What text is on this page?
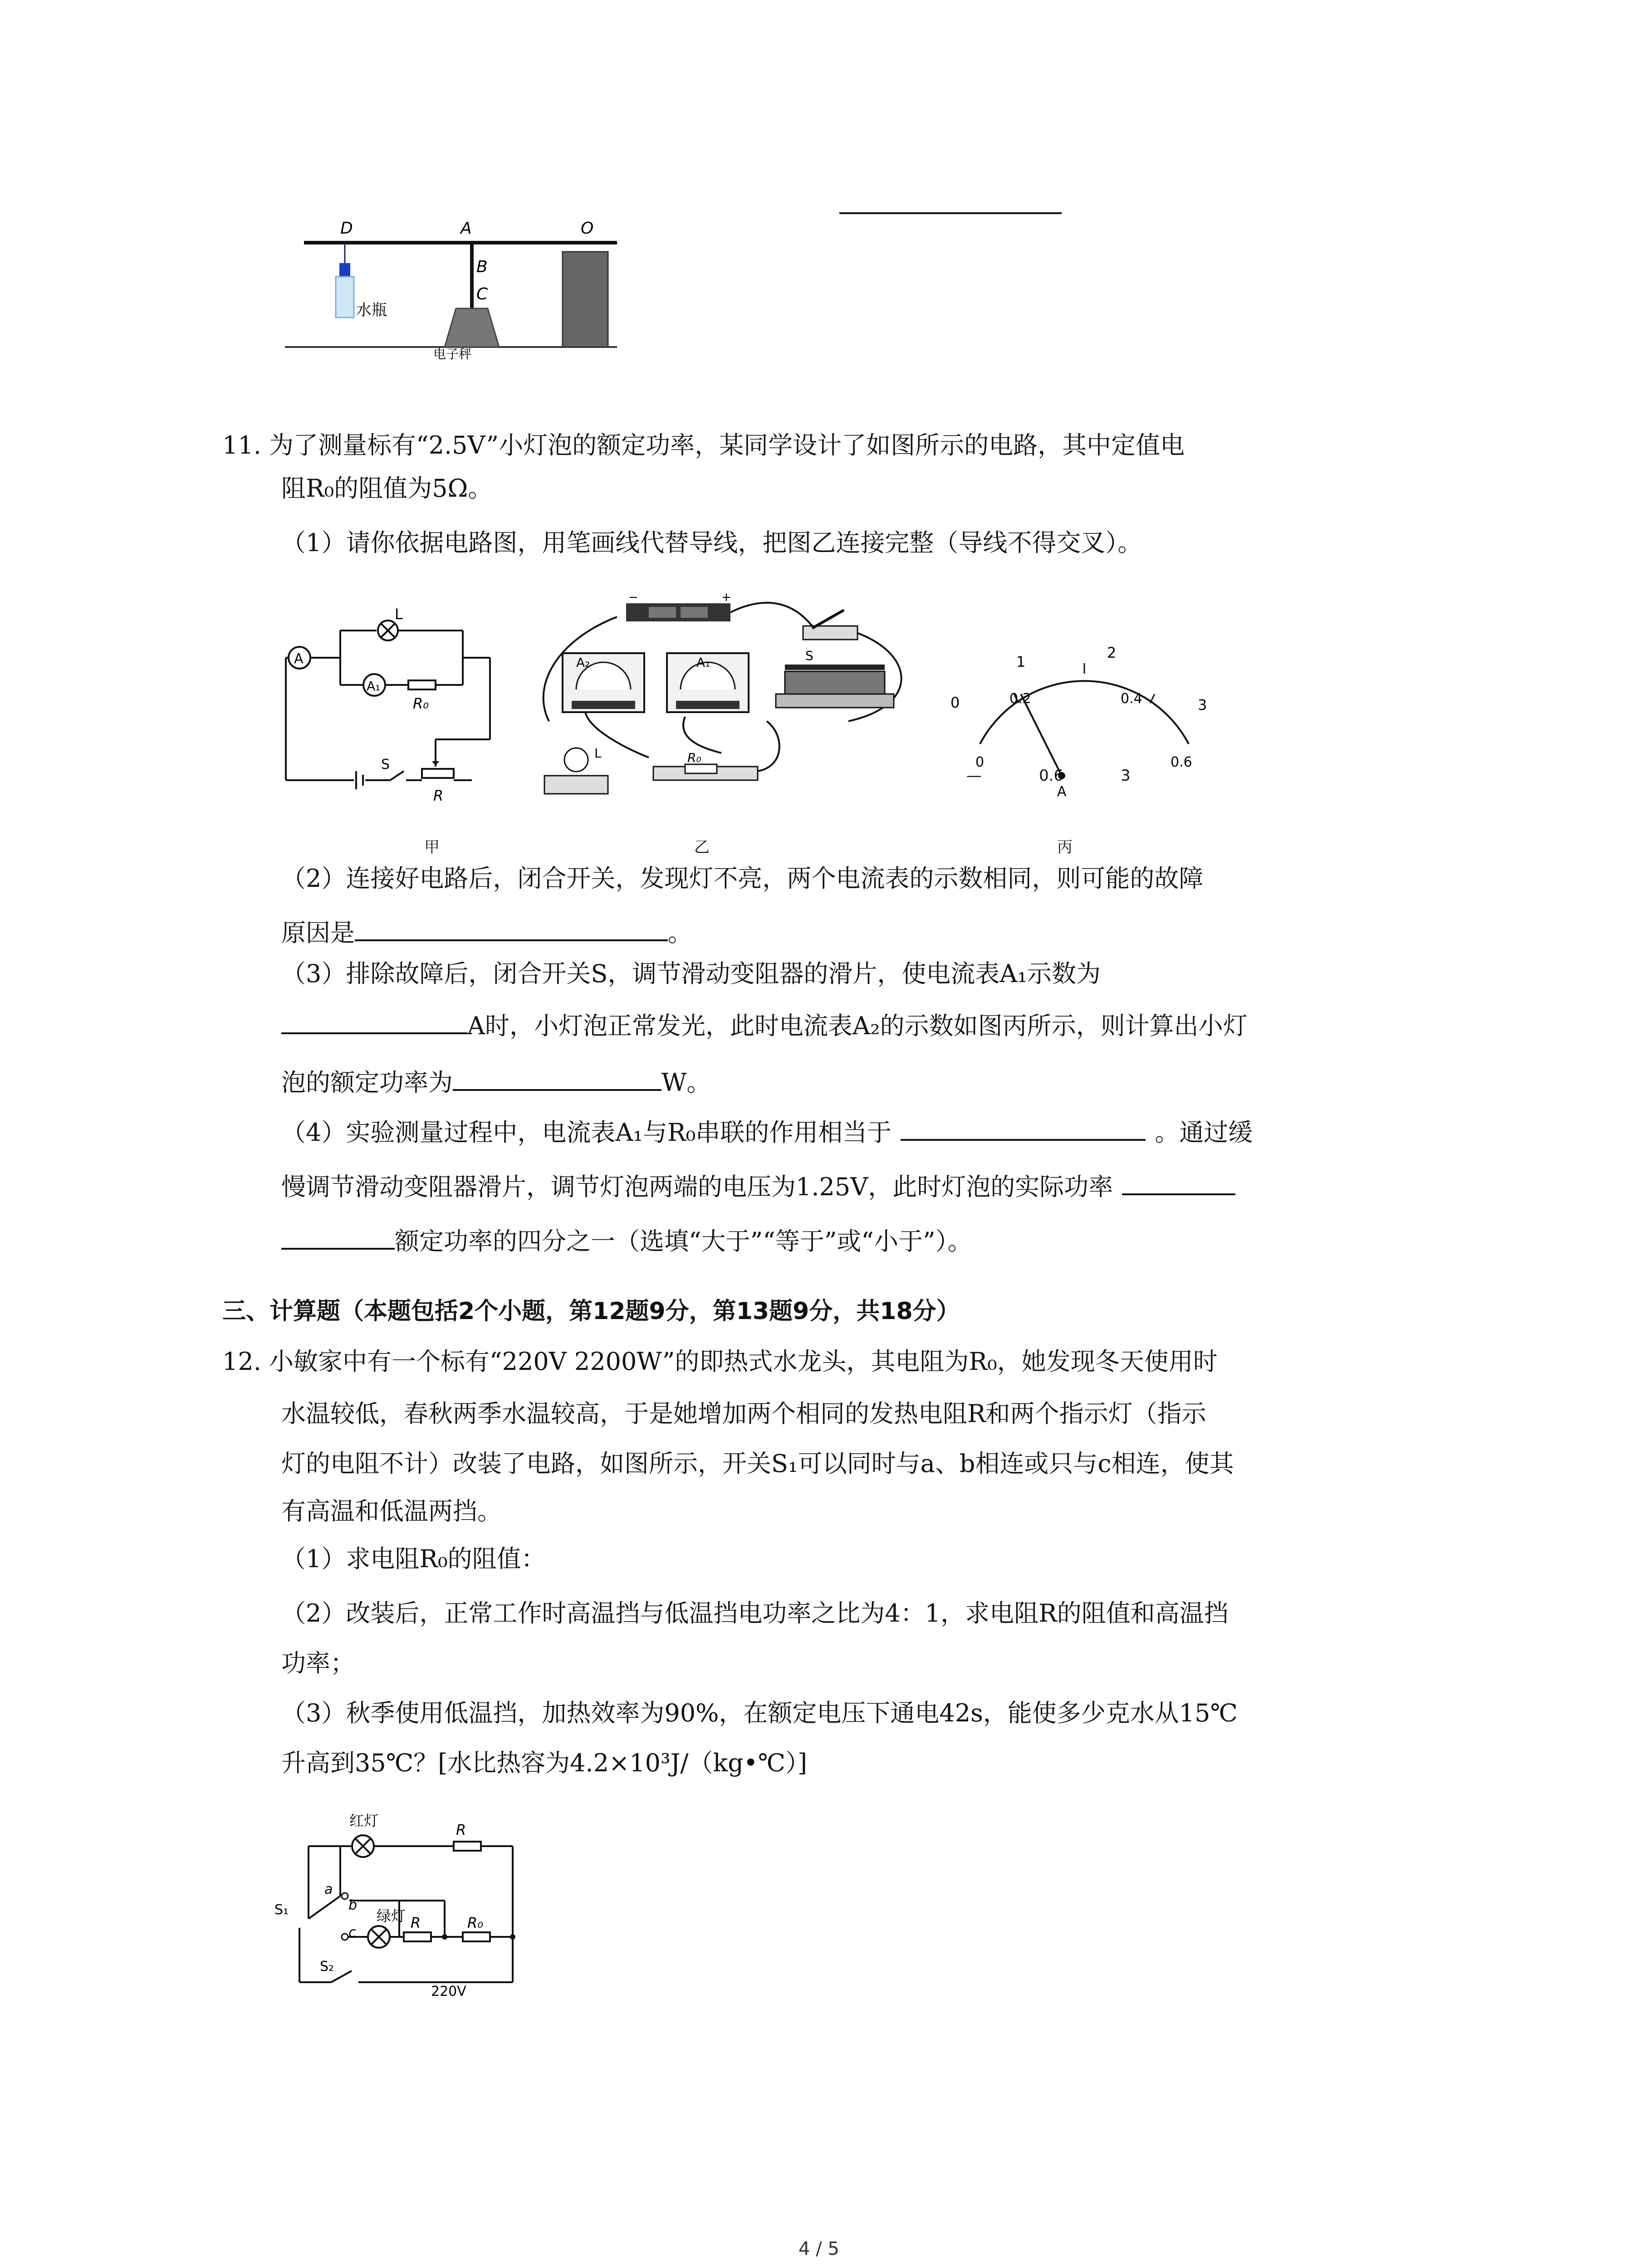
D	A	O
水瓶
B
C
电子秤
11. 为了测量标有“2.5V”小灯泡的额定功率，某同学设计了如图所示的电路，其中定值电
阻R₀的阻值为5Ω。
（1）请你依据电路图，用笔画线代替导线，把图乙连接完整（导线不得交叉）。
L
A
A₁
R₀
S
R
甲
−	+
S
A₂	A₁
L	R₀
乙
0
1
2
3
0
0.2	0.4
0.6
A
—	0.6	3
丙
（2）连接好电路后，闭合开关，发现灯不亮，两个电流表的示数相同，则可能的故障
原因是	。
（3）排除故障后，闭合开关S，调节滑动变阻器的滑片，使电流表A₁示数为
A时，小灯泡正常发光，此时电流表A₂的示数如图丙所示，则计算出小灯
泡的额定功率为	W。
（4）实验测量过程中，电流表A₁与R₀串联的作用相当于	。通过缓
慢调节滑动变阻器滑片，调节灯泡两端的电压为1.25V，此时灯泡的实际功率
额定功率的四分之一（选填“大于”“等于”或“小于”）。
三、计算题（本题包括2个小题，第12题9分，第13题9分，共18分）
12. 小敏家中有一个标有“220V 2200W”的即热式水龙头，其电阻为R₀，她发现冬天使用时
水温较低，春秋两季水温较高，于是她增加两个相同的发热电阻R和两个指示灯（指示
灯的电阻不计）改装了电路，如图所示，开关S₁可以同时与a、b相连或只与c相连，使其
有高温和低温两挡。
（1）求电阻R₀的阻值：
（2）改装后，正常工作时高温挡与低温挡电功率之比为4：1，求电阻R的阻值和高温挡
功率；
（3）秋季使用低温挡，加热效率为90%，在额定电压下通电42s，能使多少克水从15℃
升高到35℃？[水比热容为4.2×10³J/（kg•℃）]
红灯
R
绿灯 R	R₀
S₁
a
b
c
S₂
220V
4 / 5
